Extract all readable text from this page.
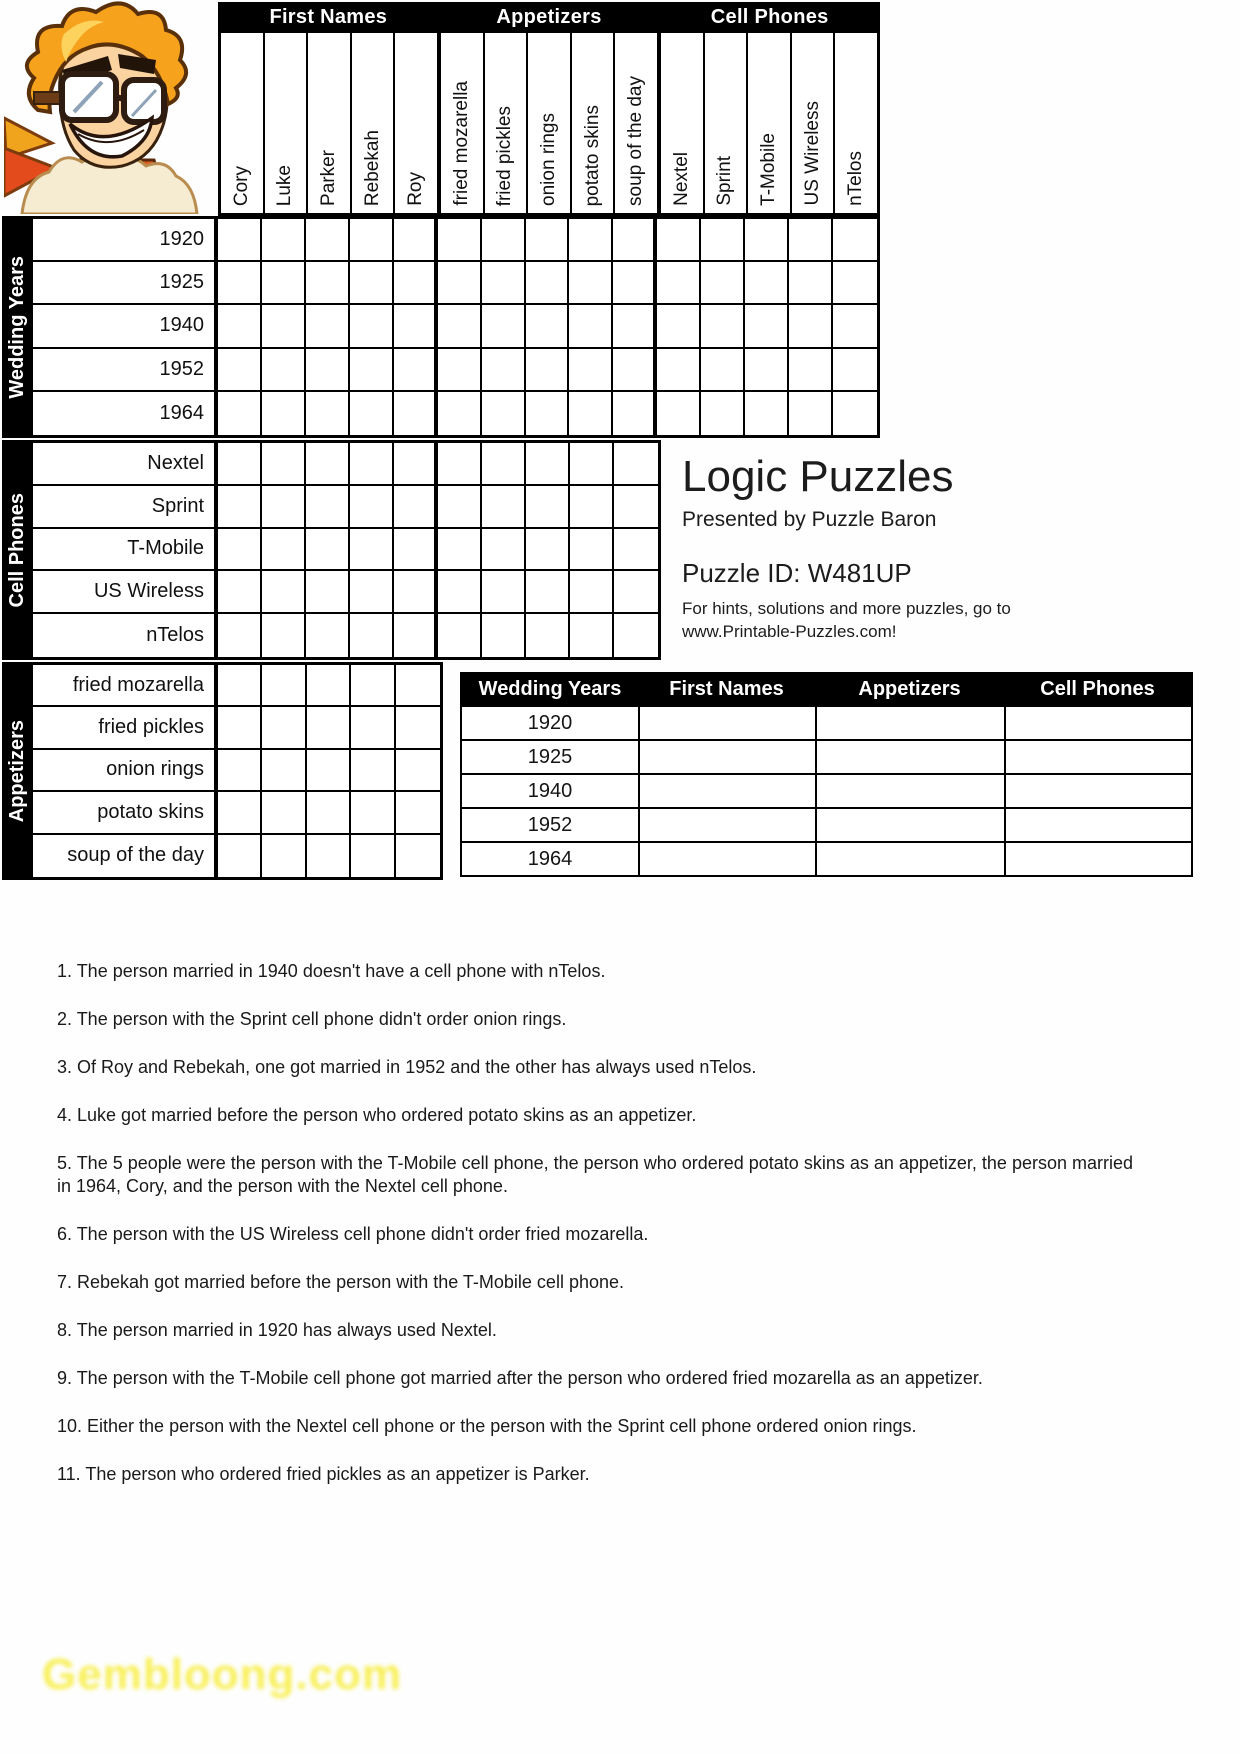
First Names	Appetizers	Cell Phones
Cory Luke Parker Rebekah Roy fried mozarella fried pickles onion rings potato skins soup of the day Nextel Sprint T-Mobile US Wireless nTelos
Wedding Years
Cell Phones
Appetizers
1920
1925
1940
1952
1964
Nextel
Sprint
T-Mobile
US Wireless
nTelos
fried mozarella
fried pickles
onion rings
potato skins
soup of the day
Logic Puzzles
Presented by Puzzle Baron
Puzzle ID: W481UP
For hints, solutions and more puzzles, go to
www.Printable-Puzzles.com!
Wedding Years	First Names	Appetizers	Cell Phones
1920
1925
1940
1952
1964

1. The person married in 1940 doesn't have a cell phone with nTelos.

2. The person with the Sprint cell phone didn't order onion rings.

3. Of Roy and Rebekah, one got married in 1952 and the other has always used nTelos.

4. Luke got married before the person who ordered potato skins as an appetizer.

5. The 5 people were the person with the T-Mobile cell phone, the person who ordered potato skins as an appetizer, the person married in 1964, Cory, and the person with the Nextel cell phone.

6. The person with the US Wireless cell phone didn't order fried mozarella.

7. Rebekah got married before the person with the T-Mobile cell phone.

8. The person married in 1920 has always used Nextel.

9. The person with the T-Mobile cell phone got married after the person who ordered fried mozarella as an appetizer.

10. Either the person with the Nextel cell phone or the person with the Sprint cell phone ordered onion rings.

11. The person who ordered fried pickles as an appetizer is Parker.

Gembloong.com
